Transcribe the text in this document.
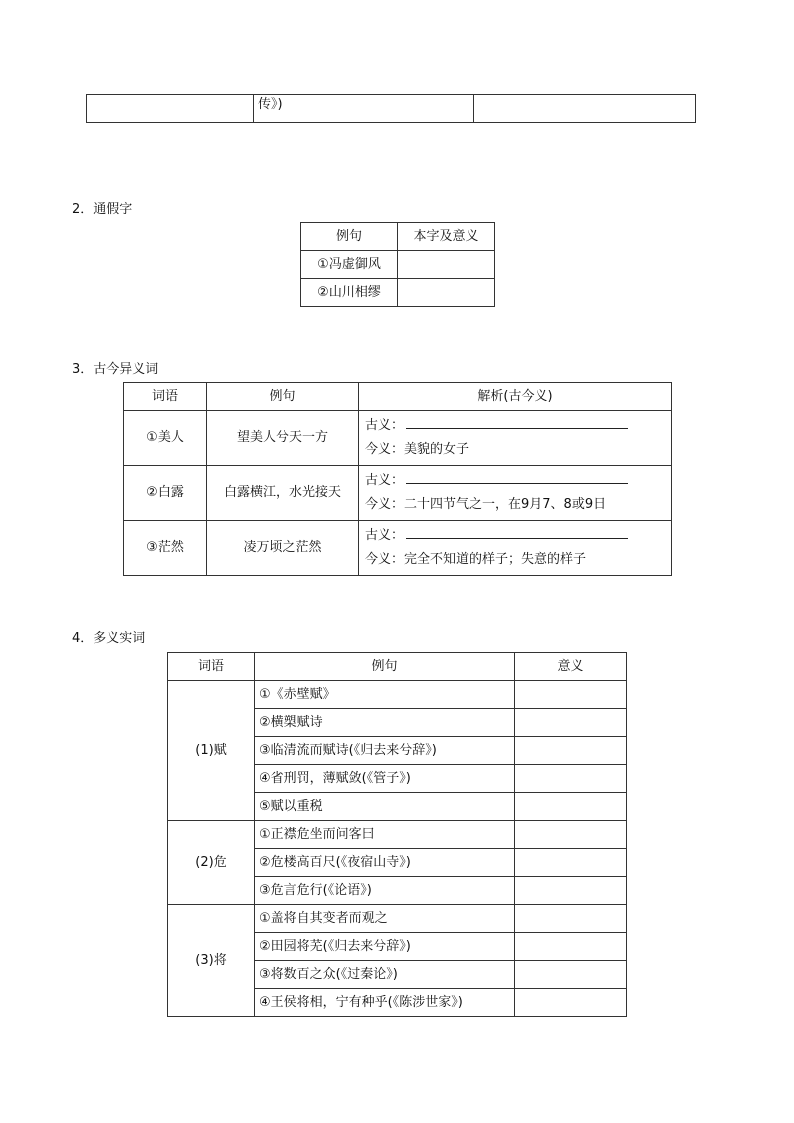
	传》)	
2．通假字
例句	本字及意义
①冯虚御风	
②山川相缪	
3．古今异义词
词语	例句	解析(古今义)
①美人	望美人兮天一方	古义：
今义：美貌的女子

②白露	白露横江，水光接天	古义：
今义：二十四节气之一，在9月7、8或9日

③茫然	凌万顷之茫然	古义：
今义：完全不知道的样子；失意的样子
4．多义实词
词语	例句	意义
(1)赋	①《赤壁赋》	
	②横槊赋诗	
	③临清流而赋诗(《归去来兮辞》)	
	④省刑罚，薄赋敛(《管子》)	
	⑤赋以重税	
(2)危	①正襟危坐而问客曰	
	②危楼高百尺(《夜宿山寺》)	
	③危言危行(《论语》)	
(3)将	①盖将自其变者而观之	
	②田园将芜(《归去来兮辞》)	
	③将数百之众(《过秦论》)	
	④王侯将相，宁有种乎(《陈涉世家》)	
